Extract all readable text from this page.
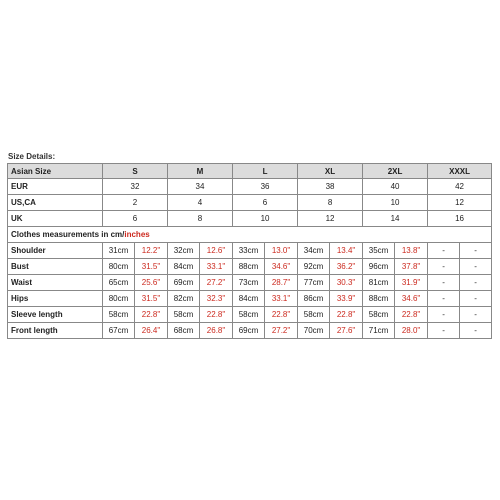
Size Details:
Asian Size	S		M		L		XL		2XL		XXXL	
EUR	32		34		36		38		40		42	
US,CA	2		4		6		8		10		12	
UK	6		8		10		12		14		16	
Clothes measurements in cm/inches												
Shoulder	31cm	12.2"	32cm	12.6"	33cm	13.0"	34cm	13.4"	35cm	13.8"	-	-
Bust	80cm	31.5"	84cm	33.1"	88cm	34.6"	92cm	36.2"	96cm	37.8"	-	-
Waist	65cm	25.6"	69cm	27.2"	73cm	28.7"	77cm	30.3"	81cm	31.9"	-	-
Hips	80cm	31.5"	82cm	32.3"	84cm	33.1"	86cm	33.9"	88cm	34.6"	-	-
Sleeve length	58cm	22.8"	58cm	22.8"	58cm	22.8"	58cm	22.8"	58cm	22.8"	-	-
Front length	67cm	26.4"	68cm	26.8"	69cm	27.2"	70cm	27.6"	71cm	28.0"	-	-
